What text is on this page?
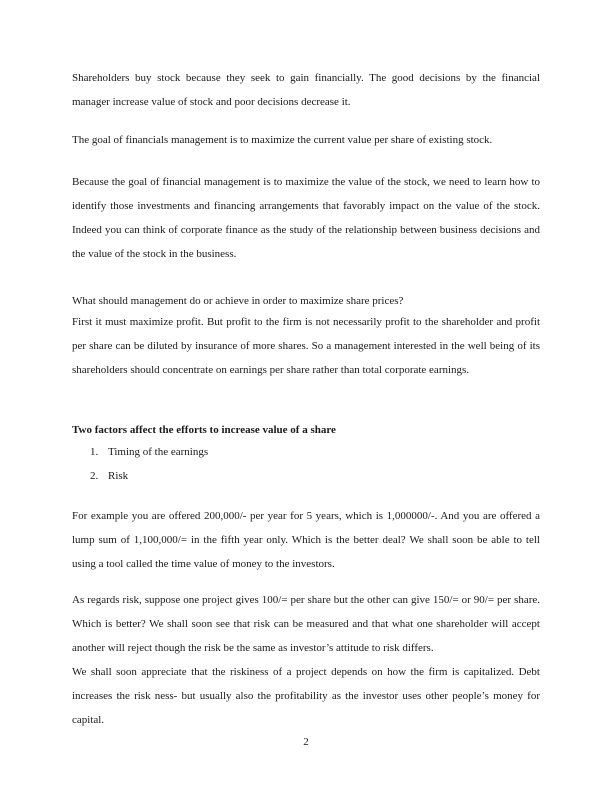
Shareholders buy stock because they seek to gain financially. The good decisions by the financial manager increase value of stock and poor decisions decrease it.

The goal of financials management is to maximize the current value per share of existing stock.

Because the goal of financial management is to maximize the value of the stock, we need to learn how to identify those investments and financing arrangements that favorably impact on the value of the stock. Indeed you can think of corporate finance as the study of the relationship between business decisions and the value of the stock in the business.

What should management do or achieve in order to maximize share prices?

First it must maximize profit. But profit to the firm is not necessarily profit to the shareholder and profit per share can be diluted by insurance of more shares. So a management interested in the well being of its shareholders should concentrate on earnings per share rather than total corporate earnings.

Two factors affect the efforts to increase value of a share

1. Timing of the earnings
2. Risk

For example you are offered 200,000/- per year for 5 years, which is 1,000000/-. And you are offered a lump sum of 1,100,000/= in the fifth year only. Which is the better deal? We shall soon be able to tell using a tool called the time value of money to the investors.

As regards risk, suppose one project gives 100/= per share but the other can give 150/= or 90/= per share. Which is better? We shall soon see that risk can be measured and that what one shareholder will accept another will reject though the risk be the same as investor’s attitude to risk differs.

We shall soon appreciate that the riskiness of a project depends on how the firm is capitalized. Debt increases the risk ness- but usually also the profitability as the investor uses other people’s money for capital.

2
